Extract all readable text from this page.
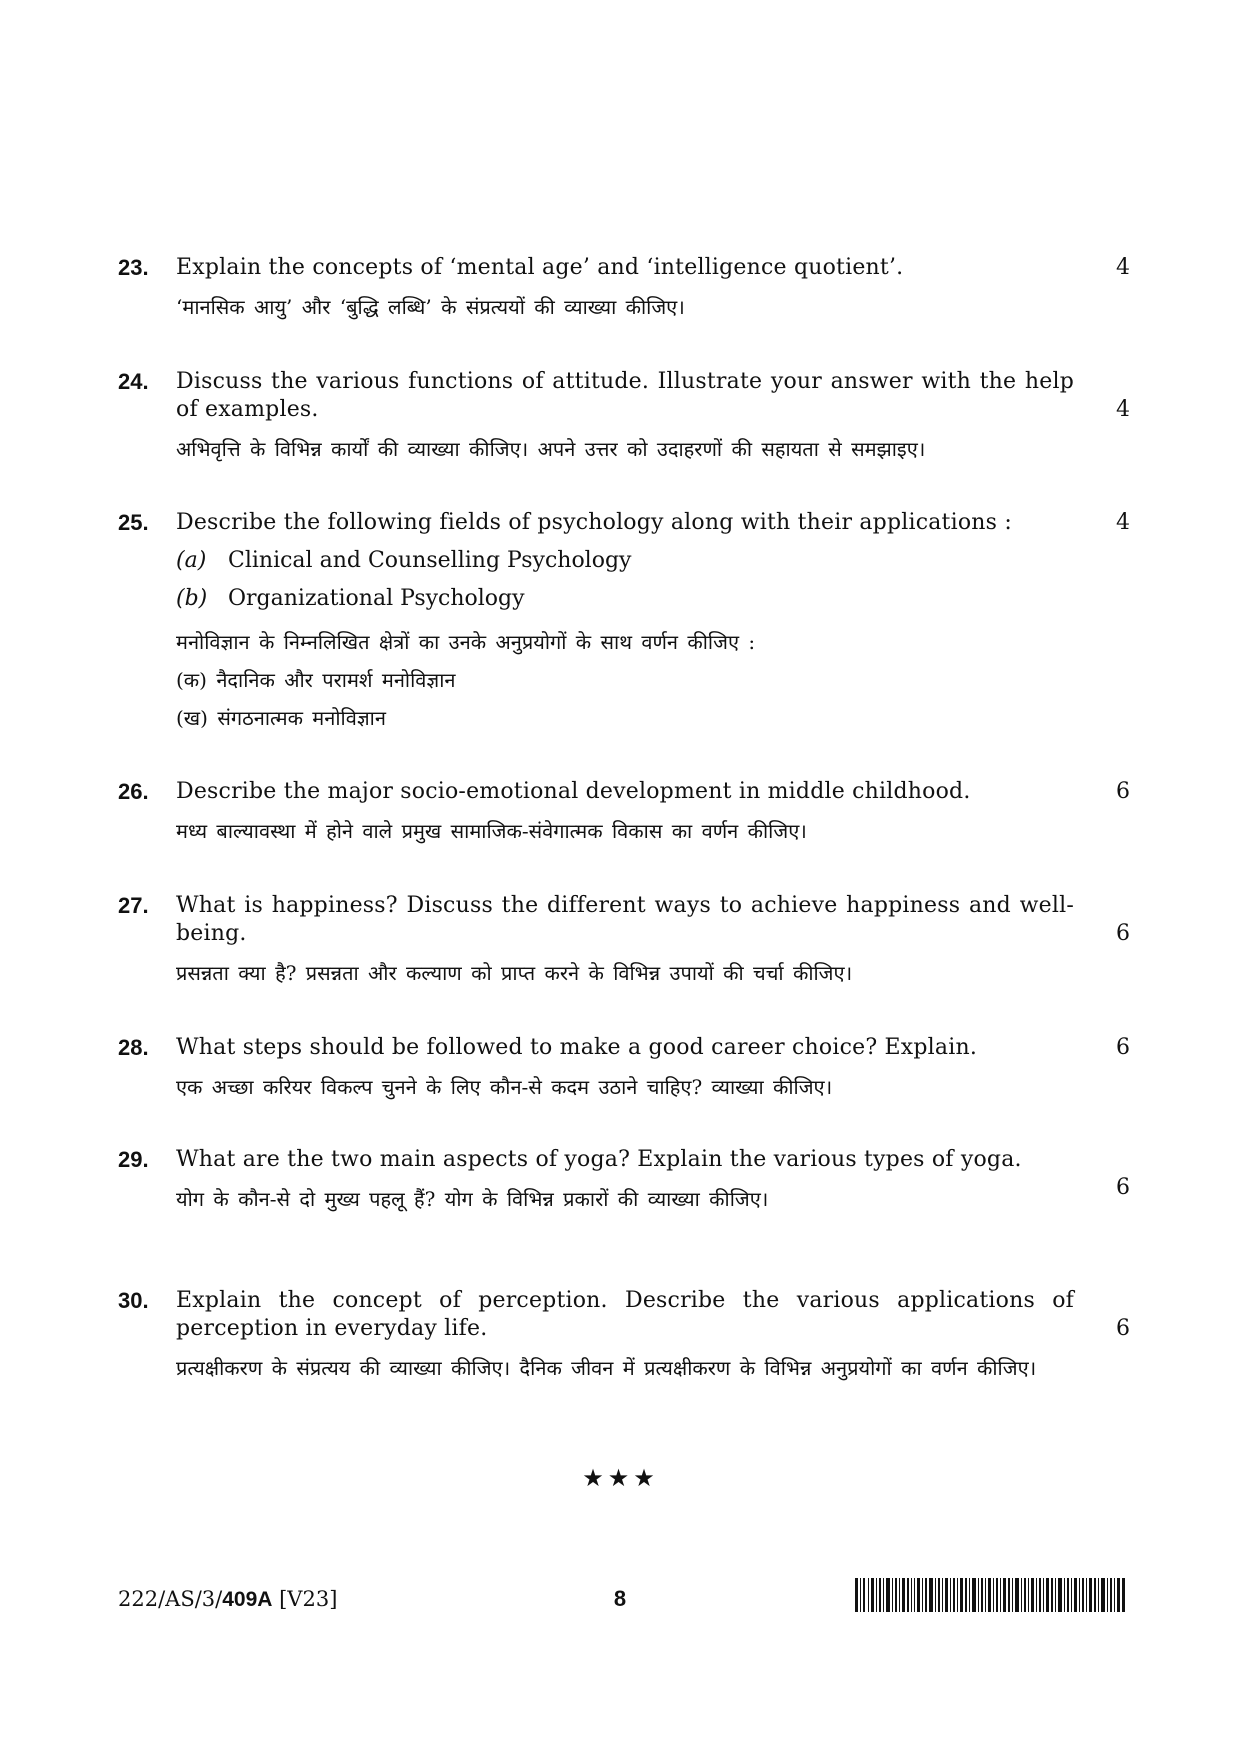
23.	Explain the concepts of ‘mental age’ and ‘intelligence quotient’.

‘मानसिक आयु’ और ‘बुद्धि लब्धि’ के संप्रत्ययों की व्याख्या कीजिए।

4
24.	Discuss the various functions of attitude. Illustrate your answer with the help of examples.

अभिवृत्ति के विभिन्न कार्यों की व्याख्या कीजिए। अपने उत्तर को उदाहरणों की सहायता से समझाइए।

4
25.	Describe the following fields of psychology along with their applications :

(a) Clinical and Counselling Psychology
(b) Organizational Psychology

मनोविज्ञान के निम्नलिखित क्षेत्रों का उनके अनुप्रयोगों के साथ वर्णन कीजिए :

(क) नैदानिक और परामर्श मनोविज्ञान
(ख) संगठनात्मक मनोविज्ञान
4
26.	Describe the major socio-emotional development in middle childhood.

मध्य बाल्यावस्था में होने वाले प्रमुख सामाजिक-संवेगात्मक विकास का वर्णन कीजिए।

6
27.	What is happiness? Discuss the different ways to achieve happiness and well-being.

प्रसन्नता क्या है? प्रसन्नता और कल्याण को प्राप्त करने के विभिन्न उपायों की चर्चा कीजिए।

6
28.	What steps should be followed to make a good career choice? Explain.

एक अच्छा करियर विकल्प चुनने के लिए कौन-से कदम उठाने चाहिए? व्याख्या कीजिए।

6
29.	What are the two main aspects of yoga? Explain the various types of yoga.

योग के कौन-से दो मुख्य पहलू हैं? योग के विभिन्न प्रकारों की व्याख्या कीजिए।	6
30.	Explain the concept of perception. Describe the various applications of perception in everyday life.

प्रत्यक्षीकरण के संप्रत्यय की व्याख्या कीजिए। दैनिक जीवन में प्रत्यक्षीकरण के विभिन्न अनुप्रयोगों का वर्णन कीजिए।

6
★★★
222/AS/3/409A [V23]	8
